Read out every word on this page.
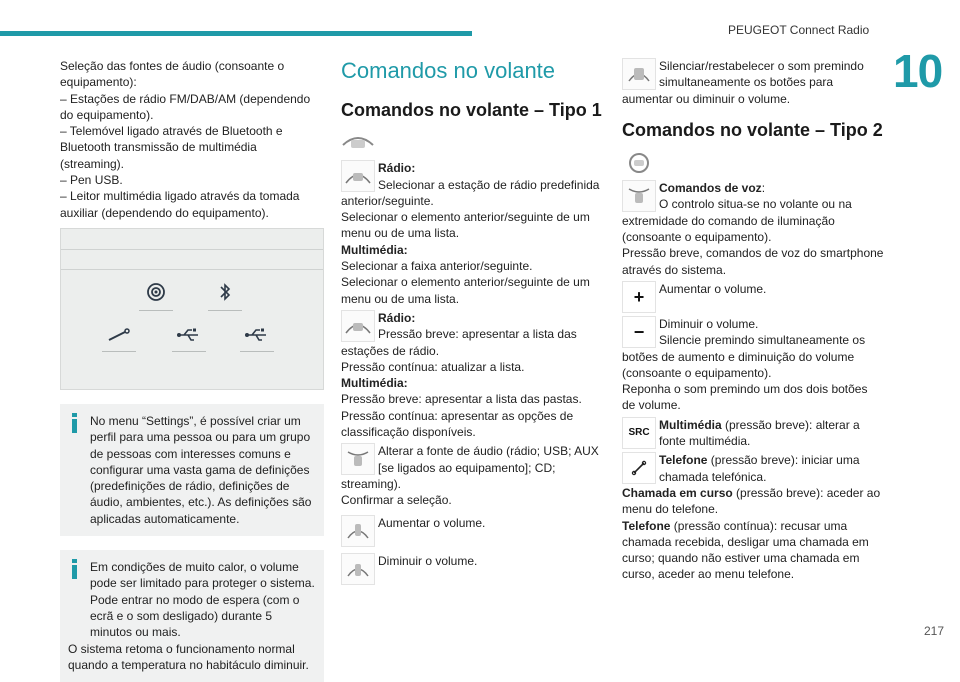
PEUGEOT Connect Radio
10
217

Seleção das fontes de áudio (consoante o equipamento):

– Estações de rádio FM/DAB/AM (dependendo do equipamento).

– Telemóvel ligado através de Bluetooth e Bluetooth transmissão de multimédia (streaming).

– Pen USB.

– Leitor multimédia ligado através da tomada auxiliar (dependendo do equipamento).

No menu “Settings”, é possível criar um perfil para uma pessoa ou para um grupo de pessoas com interesses comuns e configurar uma vasta gama de definições (predefinições de rádio, definições de áudio, ambientes, etc.). As definições são aplicadas automaticamente.

Em condições de muito calor, o volume pode ser limitado para proteger o sistema. Pode entrar no modo de espera (com o ecrã e o som desligado) durante 5 minutos ou mais.

O sistema retoma o funcionamento normal quando a temperatura no habitáculo diminuir.

Comandos no volante
Comandos no volante – Tipo 1

Rádio:

Selecionar a estação de rádio predefinida anterior/seguinte.

Selecionar o elemento anterior/seguinte de um menu ou de uma lista.

Multimédia:

Selecionar a faixa anterior/seguinte.

Selecionar o elemento anterior/seguinte de um menu ou de uma lista.

Rádio:

Pressão breve: apresentar a lista das estações de rádio.

Pressão contínua: atualizar a lista.

Multimédia:

Pressão breve: apresentar a lista das pastas.

Pressão contínua: apresentar as opções de classificação disponíveis.

Alterar a fonte de áudio (rádio; USB; AUX [se ligados ao equipamento]; CD; streaming).

Confirmar a seleção.

Aumentar o volume.

Diminuir o volume.

Silenciar/restabelecer o som premindo simultaneamente os botões para aumentar ou diminuir o volume.

Comandos no volante – Tipo 2

Comandos de voz:

O controlo situa-se no volante ou na extremidade do comando de iluminação (consoante o equipamento).

Pressão breve, comandos de voz do smartphone através do sistema.

+	Aumentar o volume.

−	Diminuir o volume.

Silencie premindo simultaneamente os botões de aumento e diminuição do volume (consoante o equipamento).

Reponha o som premindo um dos dois botões de volume.

SRC

Multimédia (pressão breve): alterar a fonte multimédia.

Telefone (pressão breve): iniciar uma chamada telefónica.

Chamada em curso (pressão breve): aceder ao menu do telefone.

Telefone (pressão contínua): recusar uma chamada recebida, desligar uma chamada em curso; quando não estiver uma chamada em curso, aceder ao menu telefone.
